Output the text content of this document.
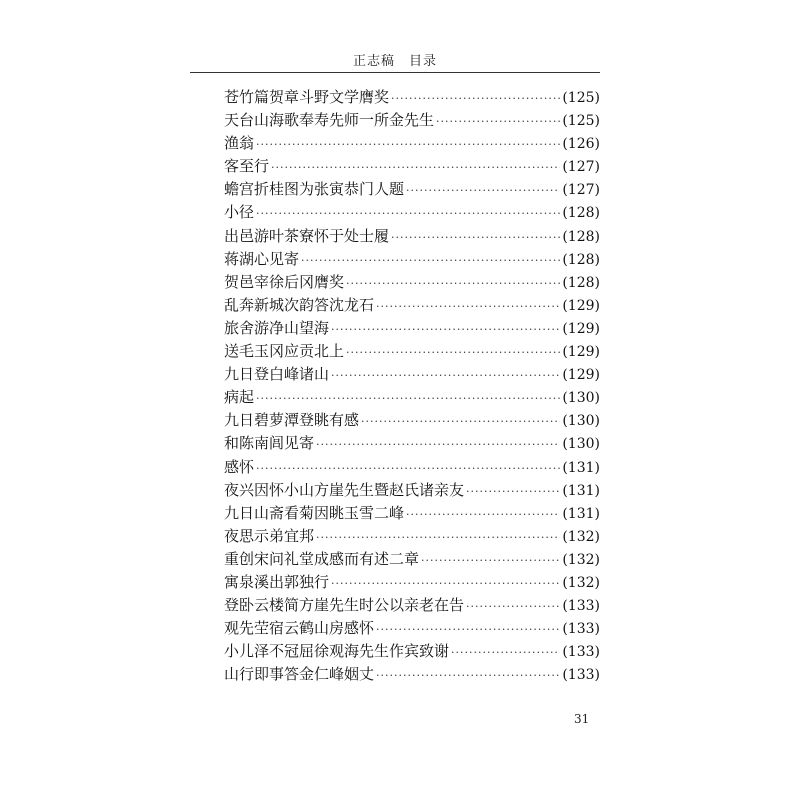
正志稿　目录
苍竹篇贺章斗野文学膺奖 ·····	(125)
天台山海歌奉寿先师一所金先生 ·····	(125)
渔翁 ·····	(126)
客至行 ·····	(127)
蟾宫折桂图为张寅恭门人题 ·····	(127)
小径 ·····	(128)
出邑游叶茶寮怀于处士履 ·····	(128)
蒋湖心见寄 ·····	(128)
贺邑宰徐后冈膺奖 ·····	(128)
乱奔新城次韵答沈龙石 ·····	(129)
旅舍游净山望海 ·····	(129)
送毛玉冈应贡北上 ·····	(129)
九日登白峰诸山 ·····	(129)
病起 ·····	(130)
九日碧萝潭登眺有感 ·····	(130)
和陈南闾见寄 ·····	(130)
感怀 ·····	(131)
夜兴因怀小山方崖先生暨赵氏诸亲友 ·····	(131)
九日山斋看菊因眺玉雪二峰 ·····	(131)
夜思示弟宜邦 ·····	(132)
重创宋问礼堂成感而有述二章 ·····	(132)
寓泉溪出郭独行 ·····	(132)
登卧云楼简方崖先生时公以亲老在告 ·····	(133)
观先茔宿云鹤山房感怀 ·····	(133)
小儿泽不冠屈徐观海先生作宾致谢 ·····	(133)
山行即事答金仁峰姻丈 ·····	(133)
31
